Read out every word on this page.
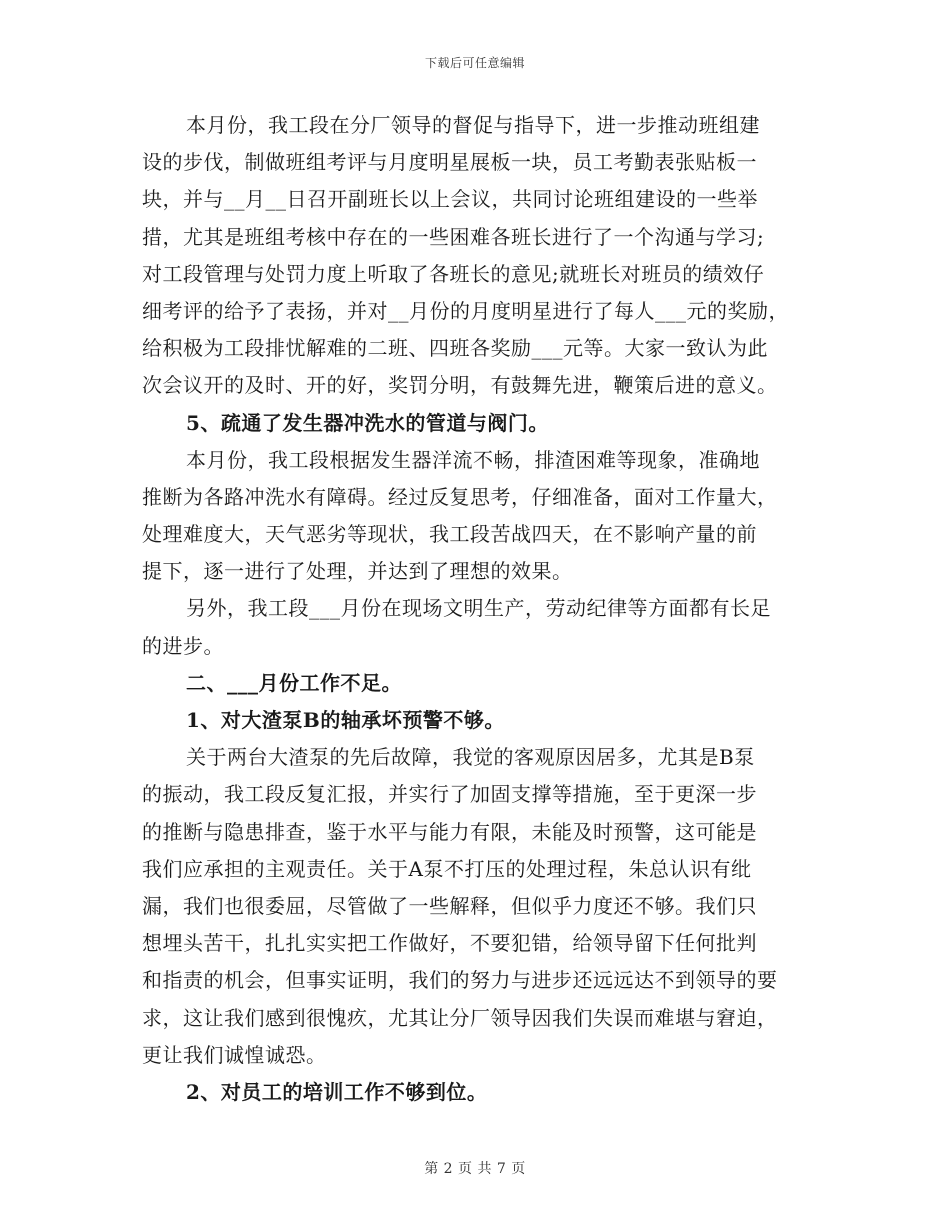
下载后可任意编辑
本月份，我工段在分厂领导的督促与指导下，进一步推动班组建
设的步伐，制做班组考评与月度明星展板一块，员工考勤表张贴板一
块，并与__月__日召开副班长以上会议，共同讨论班组建设的一些举
措，尤其是班组考核中存在的一些困难各班长进行了一个沟通与学习;
对工段管理与处罚力度上听取了各班长的意见;就班长对班员的绩效仔
细考评的给予了表扬，并对__月份的月度明星进行了每人___元的奖励，
给积极为工段排忧解难的二班、四班各奖励___元等。大家一致认为此
次会议开的及时、开的好，奖罚分明，有鼓舞先进，鞭策后进的意义。
5、疏通了发生器冲洗水的管道与阀门。
本月份，我工段根据发生器洋流不畅，排渣困难等现象，准确地
推断为各路冲洗水有障碍。经过反复思考，仔细准备，面对工作量大，
处理难度大，天气恶劣等现状，我工段苦战四天，在不影响产量的前
提下，逐一进行了处理，并达到了理想的效果。
另外，我工段___月份在现场文明生产，劳动纪律等方面都有长足
的进步。
二、___月份工作不足。
1、对大渣泵B的轴承坏预警不够。
关于两台大渣泵的先后故障，我觉的客观原因居多，尤其是B泵
的振动，我工段反复汇报，并实行了加固支撑等措施，至于更深一步
的推断与隐患排查，鉴于水平与能力有限，未能及时预警，这可能是
我们应承担的主观责任。关于A泵不打压的处理过程，朱总认识有纰
漏，我们也很委屈，尽管做了一些解释，但似乎力度还不够。我们只
想埋头苦干，扎扎实实把工作做好，不要犯错，给领导留下任何批判
和指责的机会，但事实证明，我们的努力与进步还远远达不到领导的要
求，这让我们感到很愧疚，尤其让分厂领导因我们失误而难堪与窘迫，
更让我们诚惶诚恐。
2、对员工的培训工作不够到位。
第 2 页 共 7 页
